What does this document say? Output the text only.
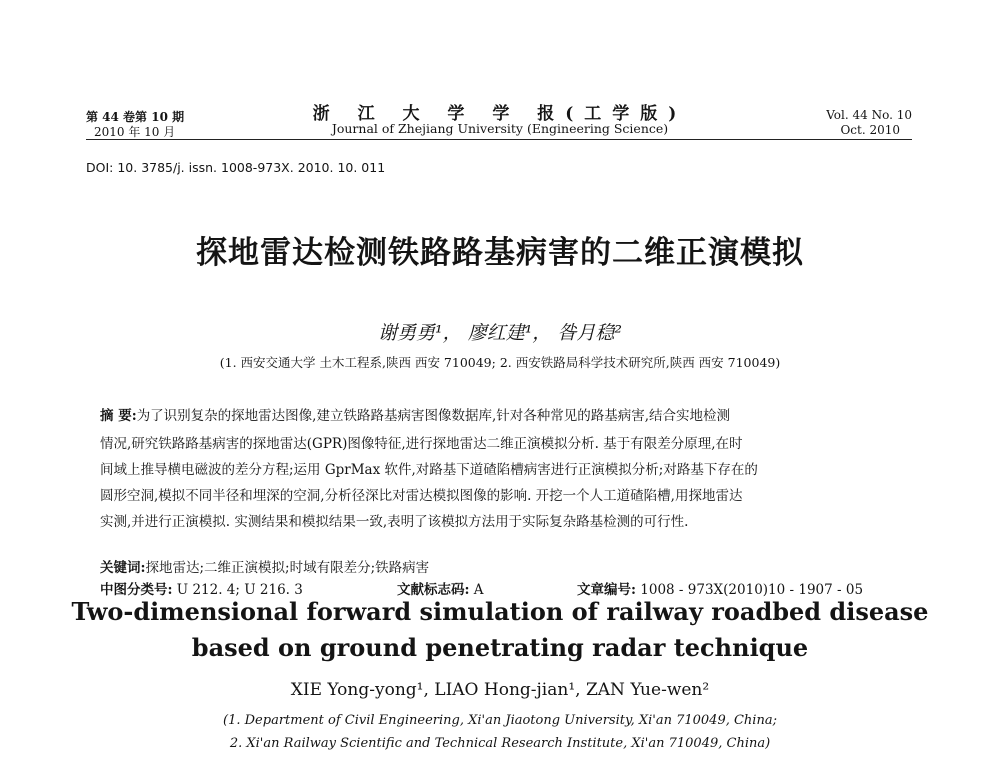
第 44 卷第 10 期
2010 年 10 月
浙 江 大 学 学 报(工学版)
Journal of Zhejiang University (Engineering Science)
Vol. 44 No. 10
Oct. 2010
DOI: 10. 3785/j. issn. 1008-973X. 2010. 10. 011
探地雷达检测铁路路基病害的二维正演模拟
谢勇勇¹， 廖红建¹， 昝月稳²
(1. 西安交通大学 土木工程系,陕西 西安 710049; 2. 西安铁路局科学技术研究所,陕西 西安 710049)
摘 要:为了识别复杂的探地雷达图像,建立铁路路基病害图像数据库,针对各种常见的路基病害,结合实地检测
情况,研究铁路路基病害的探地雷达(GPR)图像特征,进行探地雷达二维正演模拟分析. 基于有限差分原理,在时
间域上推导横电磁波的差分方程;运用 GprMax 软件,对路基下道碴陷槽病害进行正演模拟分析;对路基下存在的
圆形空洞,模拟不同半径和埋深的空洞,分析径深比对雷达模拟图像的影响. 开挖一个人工道碴陷槽,用探地雷达
实测,并进行正演模拟. 实测结果和模拟结果一致,表明了该模拟方法用于实际复杂路基检测的可行性.
关键词:探地雷达;二维正演模拟;时域有限差分;铁路病害
中图分类号: U 212. 4; U 216. 3	文献标志码: A	文章编号: 1008 - 973X(2010)10 - 1907 - 05
Two-dimensional forward simulation of railway roadbed disease
based on ground penetrating radar technique
XIE Yong-yong¹, LIAO Hong-jian¹, ZAN Yue-wen²
(1. Department of Civil Engineering, Xi'an Jiaotong University, Xi'an 710049, China;
2. Xi'an Railway Scientific and Technical Research Institute, Xi'an 710049, China)
